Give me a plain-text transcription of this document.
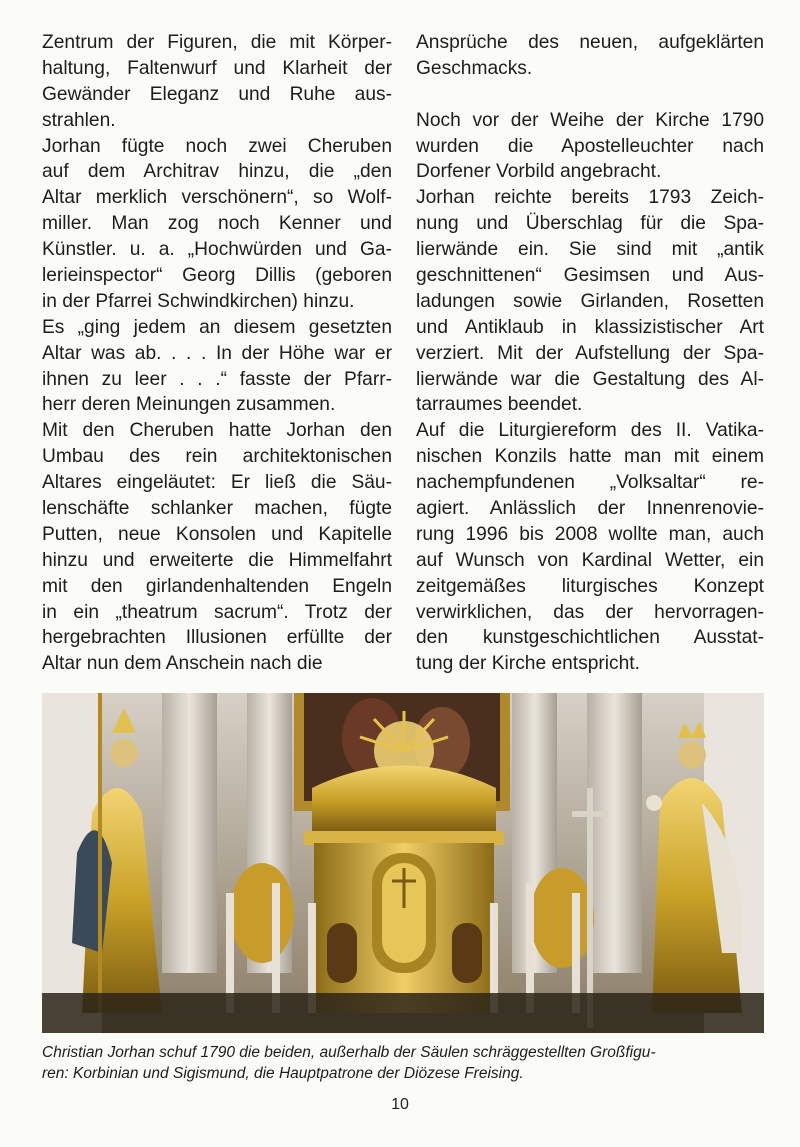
Zentrum der Figuren, die mit Körper-
haltung, Faltenwurf und Klarheit der
Gewänder Eleganz und Ruhe aus-
strahlen.
Jorhan fügte noch zwei Cheruben
auf dem Architrav hinzu, die „den
Altar merklich verschönern“, so Wolf-
miller. Man zog noch Kenner und
Künstler. u. a. „Hochwürden und Ga-
lerieinspector“ Georg Dillis (geboren
in der Pfarrei Schwindkirchen) hinzu.
Es „ging jedem an diesem gesetzten
Altar was ab. . . . In der Höhe war er
ihnen zu leer . . .“ fasste der Pfarr-
herr deren Meinungen zusammen.
Mit den Cheruben hatte Jorhan den
Umbau des rein architektonischen
Altares eingeläutet: Er ließ die Säu-
lenschäfte schlanker machen, fügte
Putten, neue Konsolen und Kapitelle
hinzu und erweiterte die Himmelfahrt
mit den girlandenhaltenden Engeln
in ein „theatrum sacrum“. Trotz der
hergebrachten Illusionen erfüllte der
Altar nun dem Anschein nach die
Ansprüche des neuen, aufgeklärten
Geschmacks.
Noch vor der Weihe der Kirche 1790
wurden die Apostelleuchter nach
Dorfener Vorbild angebracht.
Jorhan reichte bereits 1793 Zeich-
nung und Überschlag für die Spa-
lierwände ein. Sie sind mit „antik
geschnittenen“ Gesimsen und Aus-
ladungen sowie Girlanden, Rosetten
und Antiklaub in klassizistischer Art
verziert. Mit der Aufstellung der Spa-
lierwände war die Gestaltung des Al-
tarraumes beendet.
Auf die Liturgiereform des II. Vatika-
nischen Konzils hatte man mit einem
nachempfundenen „Volksaltar“ re-
agiert. Anlässlich der Innenrenovie-
rung 1996 bis 2008 wollte man, auch
auf Wunsch von Kardinal Wetter, ein
zeitgemäßes liturgisches Konzept
verwirklichen, das der hervorragen-
den kunstgeschichtlichen Ausstat-
tung der Kirche entspricht.
Christian Jorhan schuf 1790 die beiden, außerhalb der Säulen schräggestellten Großfigu-
ren: Korbinian und Sigismund, die Hauptpatrone der Diözese Freising.
10
